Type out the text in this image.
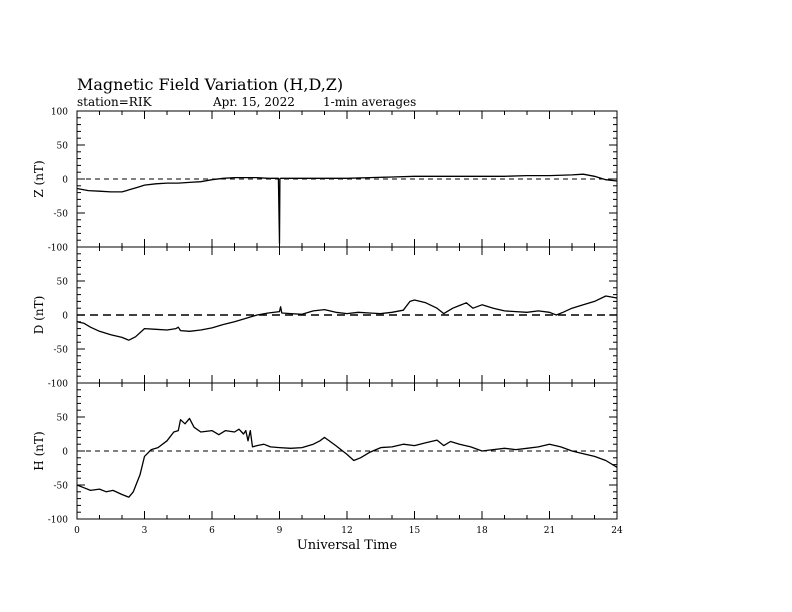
Magnetic Field Variation (H,D,Z)
station=RIK	Apr. 15, 2022 1-min averages
-100
-50
0
50
100
Z (nT)
-100
-50
0
50
D (nT)
-100
-50
0
50
H (nT)
0	3	6	9	12	15	18	21	24
Universal Time
